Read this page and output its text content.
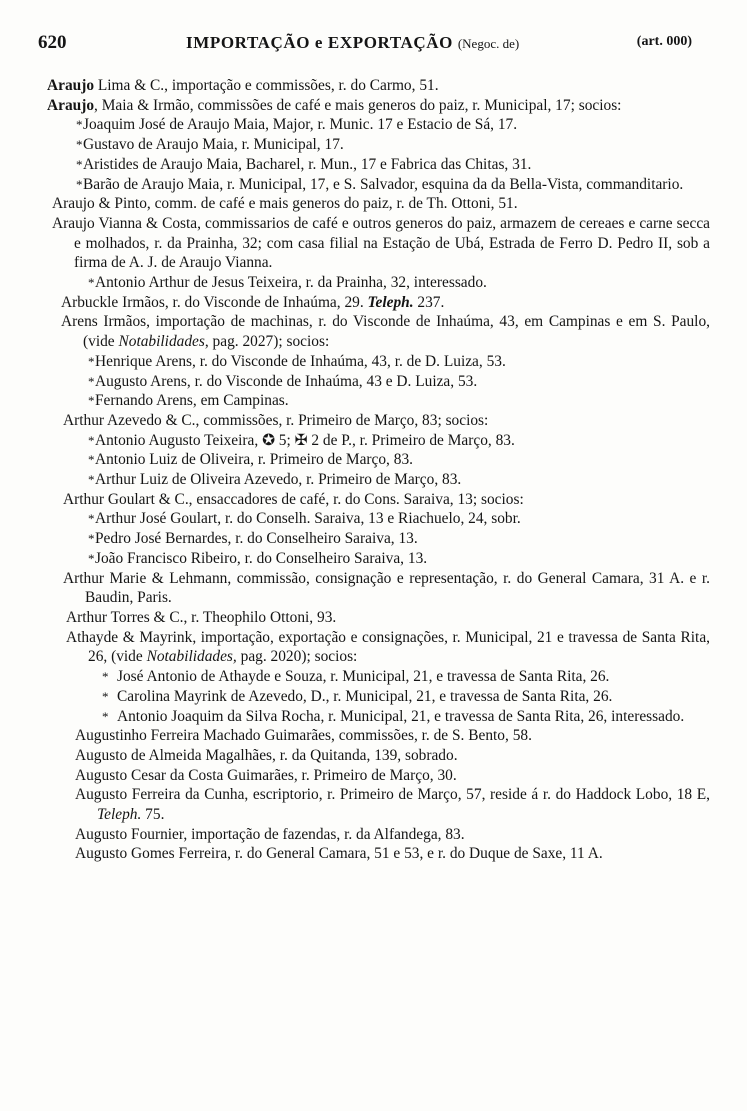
620	IMPORTAÇÃO e EXPORTAÇÃO (Negoc. de)	(art. 000)

Araujo Lima & C., importação e commissões, r. do Carmo, 51.

Araujo, Maia & Irmão, commissões de café e mais generos do paiz, r. Municipal, 17; socios:

*Joaquim José de Araujo Maia, Major, r. Munic. 17 e Estacio de Sá, 17.

*Gustavo de Araujo Maia, r. Municipal, 17.

*Aristides de Araujo Maia, Bacharel, r. Mun., 17 e Fabrica das Chitas, 31.

*Barão de Araujo Maia, r. Municipal, 17, e S. Salvador, esquina da da Bella-Vista, commanditario.

Araujo & Pinto, comm. de café e mais generos do paiz, r. de Th. Ottoni, 51.

Araujo Vianna & Costa, commissarios de café e outros generos do paiz, armazem de cereaes e carne secca e molhados, r. da Prainha, 32; com casa filial na Estação de Ubá, Estrada de Ferro D. Pedro II, sob a firma de A. J. de Araujo Vianna.

*Antonio Arthur de Jesus Teixeira, r. da Prainha, 32, interessado.

Arbuckle Irmãos, r. do Visconde de Inhaúma, 29. Teleph. 237.

Arens Irmãos, importação de machinas, r. do Visconde de Inhaúma, 43, em Campinas e em S. Paulo, (vide Notabilidades, pag. 2027); socios:

*Henrique Arens, r. do Visconde de Inhaúma, 43, r. de D. Luiza, 53.

*Augusto Arens, r. do Visconde de Inhaúma, 43 e D. Luiza, 53.

*Fernando Arens, em Campinas.

Arthur Azevedo & C., commissões, r. Primeiro de Março, 83; socios:

*Antonio Augusto Teixeira, ✪ 5; ✠ 2 de P., r. Primeiro de Março, 83.

*Antonio Luiz de Oliveira, r. Primeiro de Março, 83.

*Arthur Luiz de Oliveira Azevedo, r. Primeiro de Março, 83.

Arthur Goulart & C., ensaccadores de café, r. do Cons. Saraiva, 13; socios:

*Arthur José Goulart, r. do Conselh. Saraiva, 13 e Riachuelo, 24, sobr.

*Pedro José Bernardes, r. do Conselheiro Saraiva, 13.

*João Francisco Ribeiro, r. do Conselheiro Saraiva, 13.

Arthur Marie & Lehmann, commissão, consignação e representação, r. do General Camara, 31 A. e r. Baudin, Paris.

Arthur Torres & C., r. Theophilo Ottoni, 93.

Athayde & Mayrink, importação, exportação e consignações, r. Municipal, 21 e travessa de Santa Rita, 26, (vide Notabilidades, pag. 2020); socios:

* José Antonio de Athayde e Souza, r. Municipal, 21, e travessa de Santa Rita, 26.

* Carolina Mayrink de Azevedo, D., r. Municipal, 21, e travessa de Santa Rita, 26.

* Antonio Joaquim da Silva Rocha, r. Municipal, 21, e travessa de Santa Rita, 26, interessado.

Augustinho Ferreira Machado Guimarães, commissões, r. de S. Bento, 58.

Augusto de Almeida Magalhães, r. da Quitanda, 139, sobrado.

Augusto Cesar da Costa Guimarães, r. Primeiro de Março, 30.

Augusto Ferreira da Cunha, escriptorio, r. Primeiro de Março, 57, reside á r. do Haddock Lobo, 18 E, Teleph. 75.

Augusto Fournier, importação de fazendas, r. da Alfandega, 83.

Augusto Gomes Ferreira, r. do General Camara, 51 e 53, e r. do Duque de Saxe, 11 A.
